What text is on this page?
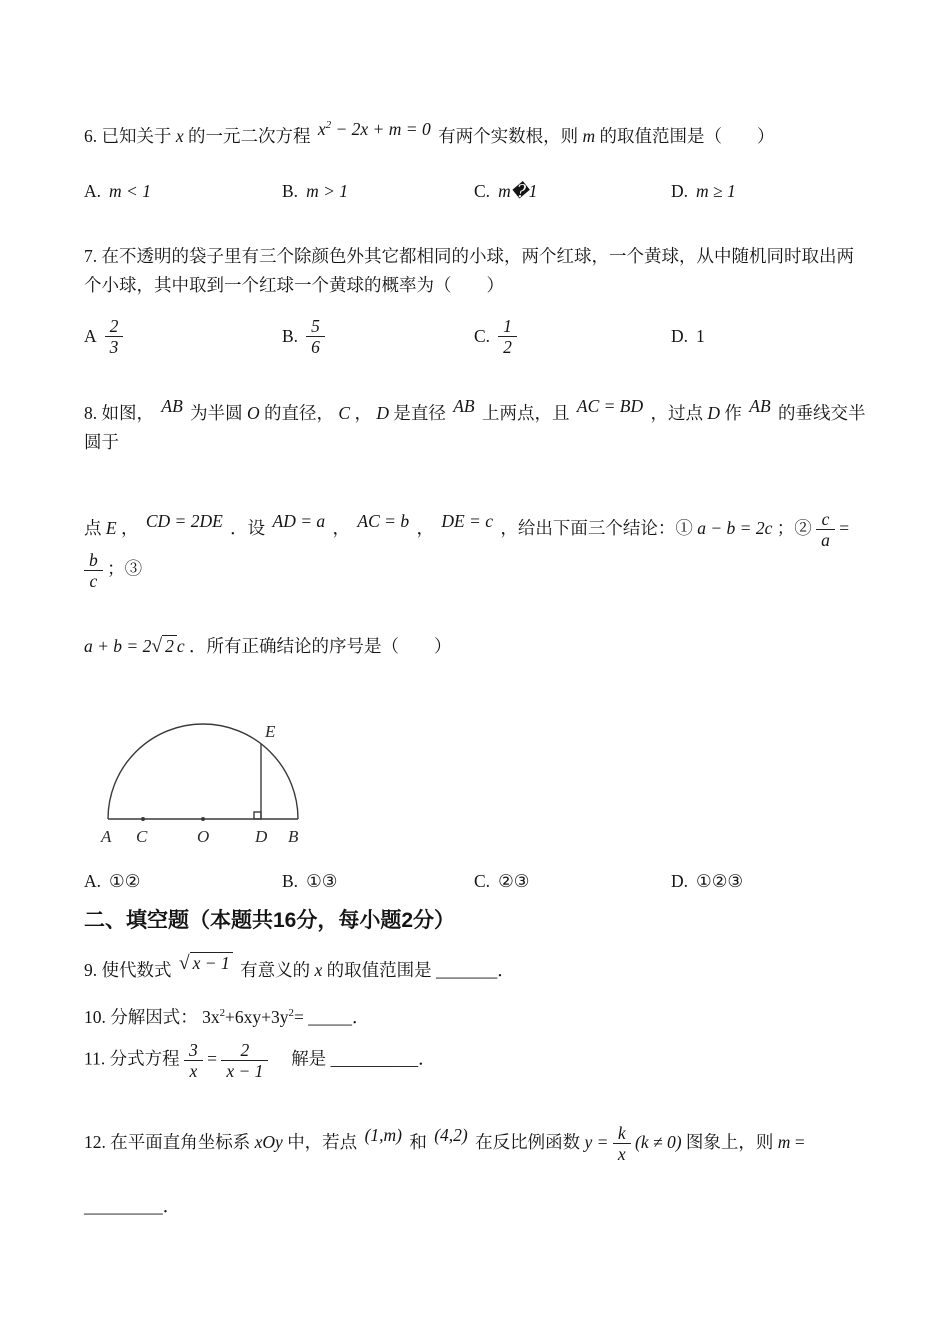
6. 已知关于 x 的一元二次方程 $x^2 - 2x + m = 0$ 有两个实数根，则 m 的取值范围是（　　）
A. m < 1	B. m > 1	C. m�1	D. m ≥ 1
7. 在不透明的袋子里有三个除颜色外其它都相同的小球，两个红球，一个黄球，从中随机同时取出两个小球，其中取到一个红球一个黄球的概率为（　　）
A $\frac{2}{3}$	B. $\frac{5}{6}$	C. $\frac{1}{2}$	D. 1
8. 如图， AB 为半圆 O 的直径， C ， D 是直径 AB 上两点，且 AC = BD ，过点 D 作 AB 的垂线交半圆于
点 E ， CD = 2DE ．设 AD = a ， AC = b ， DE = c ，给出下面三个结论：① a − b = 2c ；② $\frac{c}{a}$ =
$\frac{b}{c}$ ；③
a + b = 2√ 2 c ．所有正确结论的序号是（　　）
A C	O	D B
E
A. ①②	B. ①③	C. ②③	D. ①②③
二、填空题（本题共16分，每小题2分）
9. 使代数式 √ x − 1 有意义的 x 的取值范围是 _______．
10. 分解因式： $3x^2+6xy+3y^2=$ _____．
11. 分式方程 $\frac{3}{x} = \frac{2}{x - 1}$ 解是 __________．
12. 在平面直角坐标系 xOy 中，若点 (1,m) 和 (4,2) 在反比例函数 $y = \frac{k}{x} (k \ne 0)$ 图象上，则 m =
_________．
